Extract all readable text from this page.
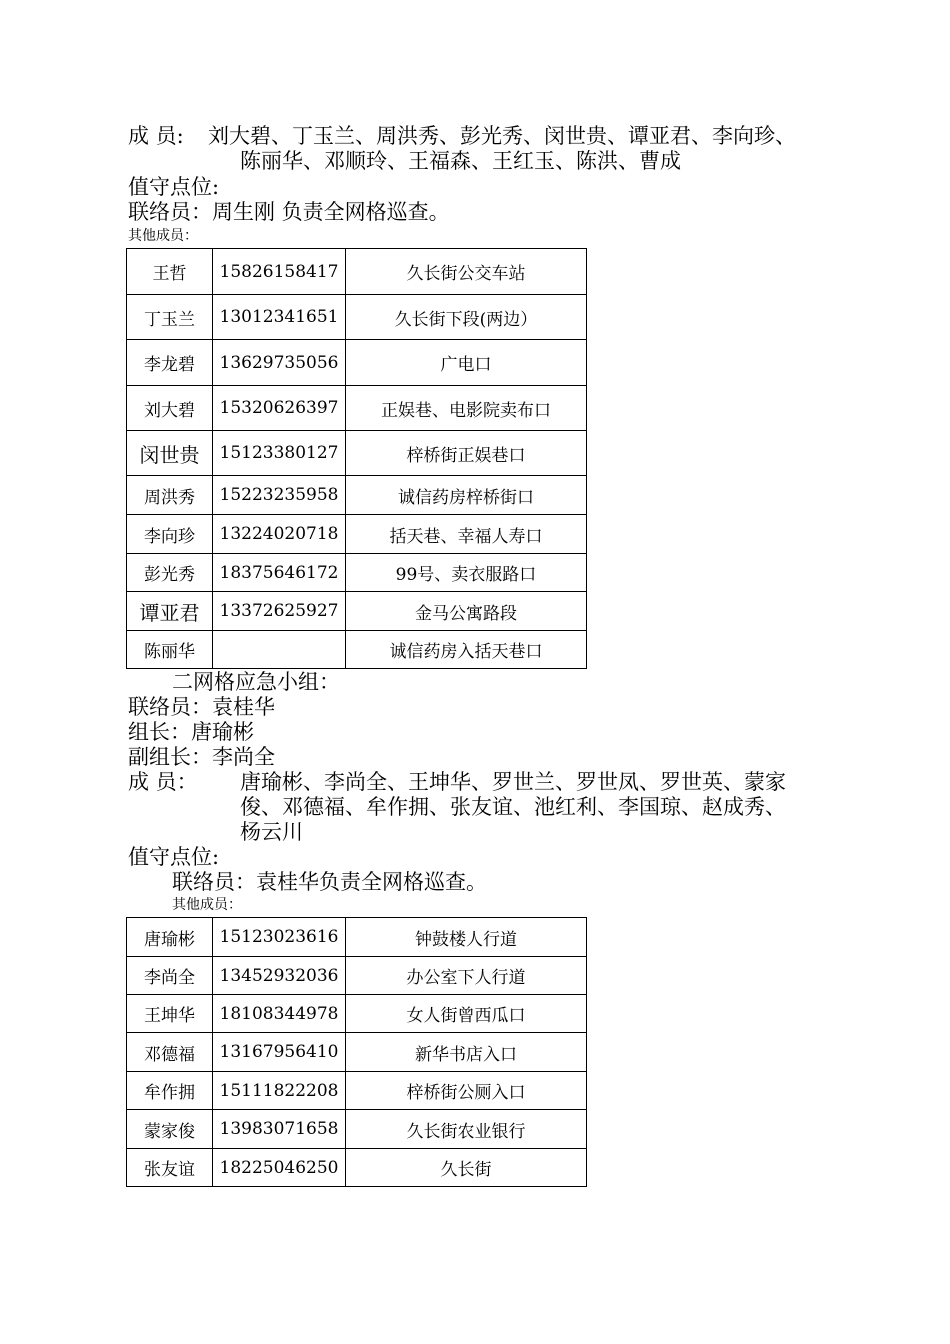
成 员: 刘大碧、丁玉兰、周洪秀、彭光秀、闵世贵、谭亚君、李向珍、
陈丽华、邓顺玲、王福森、王红玉、陈洪、曹成
值守点位:
联络员：周生刚 负责全网格巡查。
其他成员：
王哲	15826158417	久长街公交车站
丁玉兰	13012341651	久长街下段(两边）
李龙碧	13629735056	广电口
刘大碧	15320626397	正娱巷、电影院卖布口
闵世贵	15123380127	梓桥街正娱巷口
周洪秀	15223235958	诚信药房梓桥街口
李向珍	13224020718	括天巷、幸福人寿口
彭光秀	18375646172	99号、卖衣服路口
谭亚君	13372625927	金马公寓路段
陈丽华		诚信药房入括天巷口
二网格应急小组：
联络员：袁桂华
组长：唐瑜彬
副组长：李尚全
成 员： 唐瑜彬、李尚全、王坤华、罗世兰、罗世凤、罗世英、蒙家
俊、邓德福、牟作拥、张友谊、池红利、李国琼、赵成秀、
杨云川
值守点位:
联络员：袁桂华负责全网格巡查。
其他成员：
唐瑜彬	15123023616	钟鼓楼人行道
李尚全	13452932036	办公室下人行道
王坤华	18108344978	女人街曾西瓜口
邓德福	13167956410	新华书店入口
牟作拥	15111822208	梓桥街公厕入口
蒙家俊	13983071658	久长街农业银行
张友谊	18225046250	久长街
